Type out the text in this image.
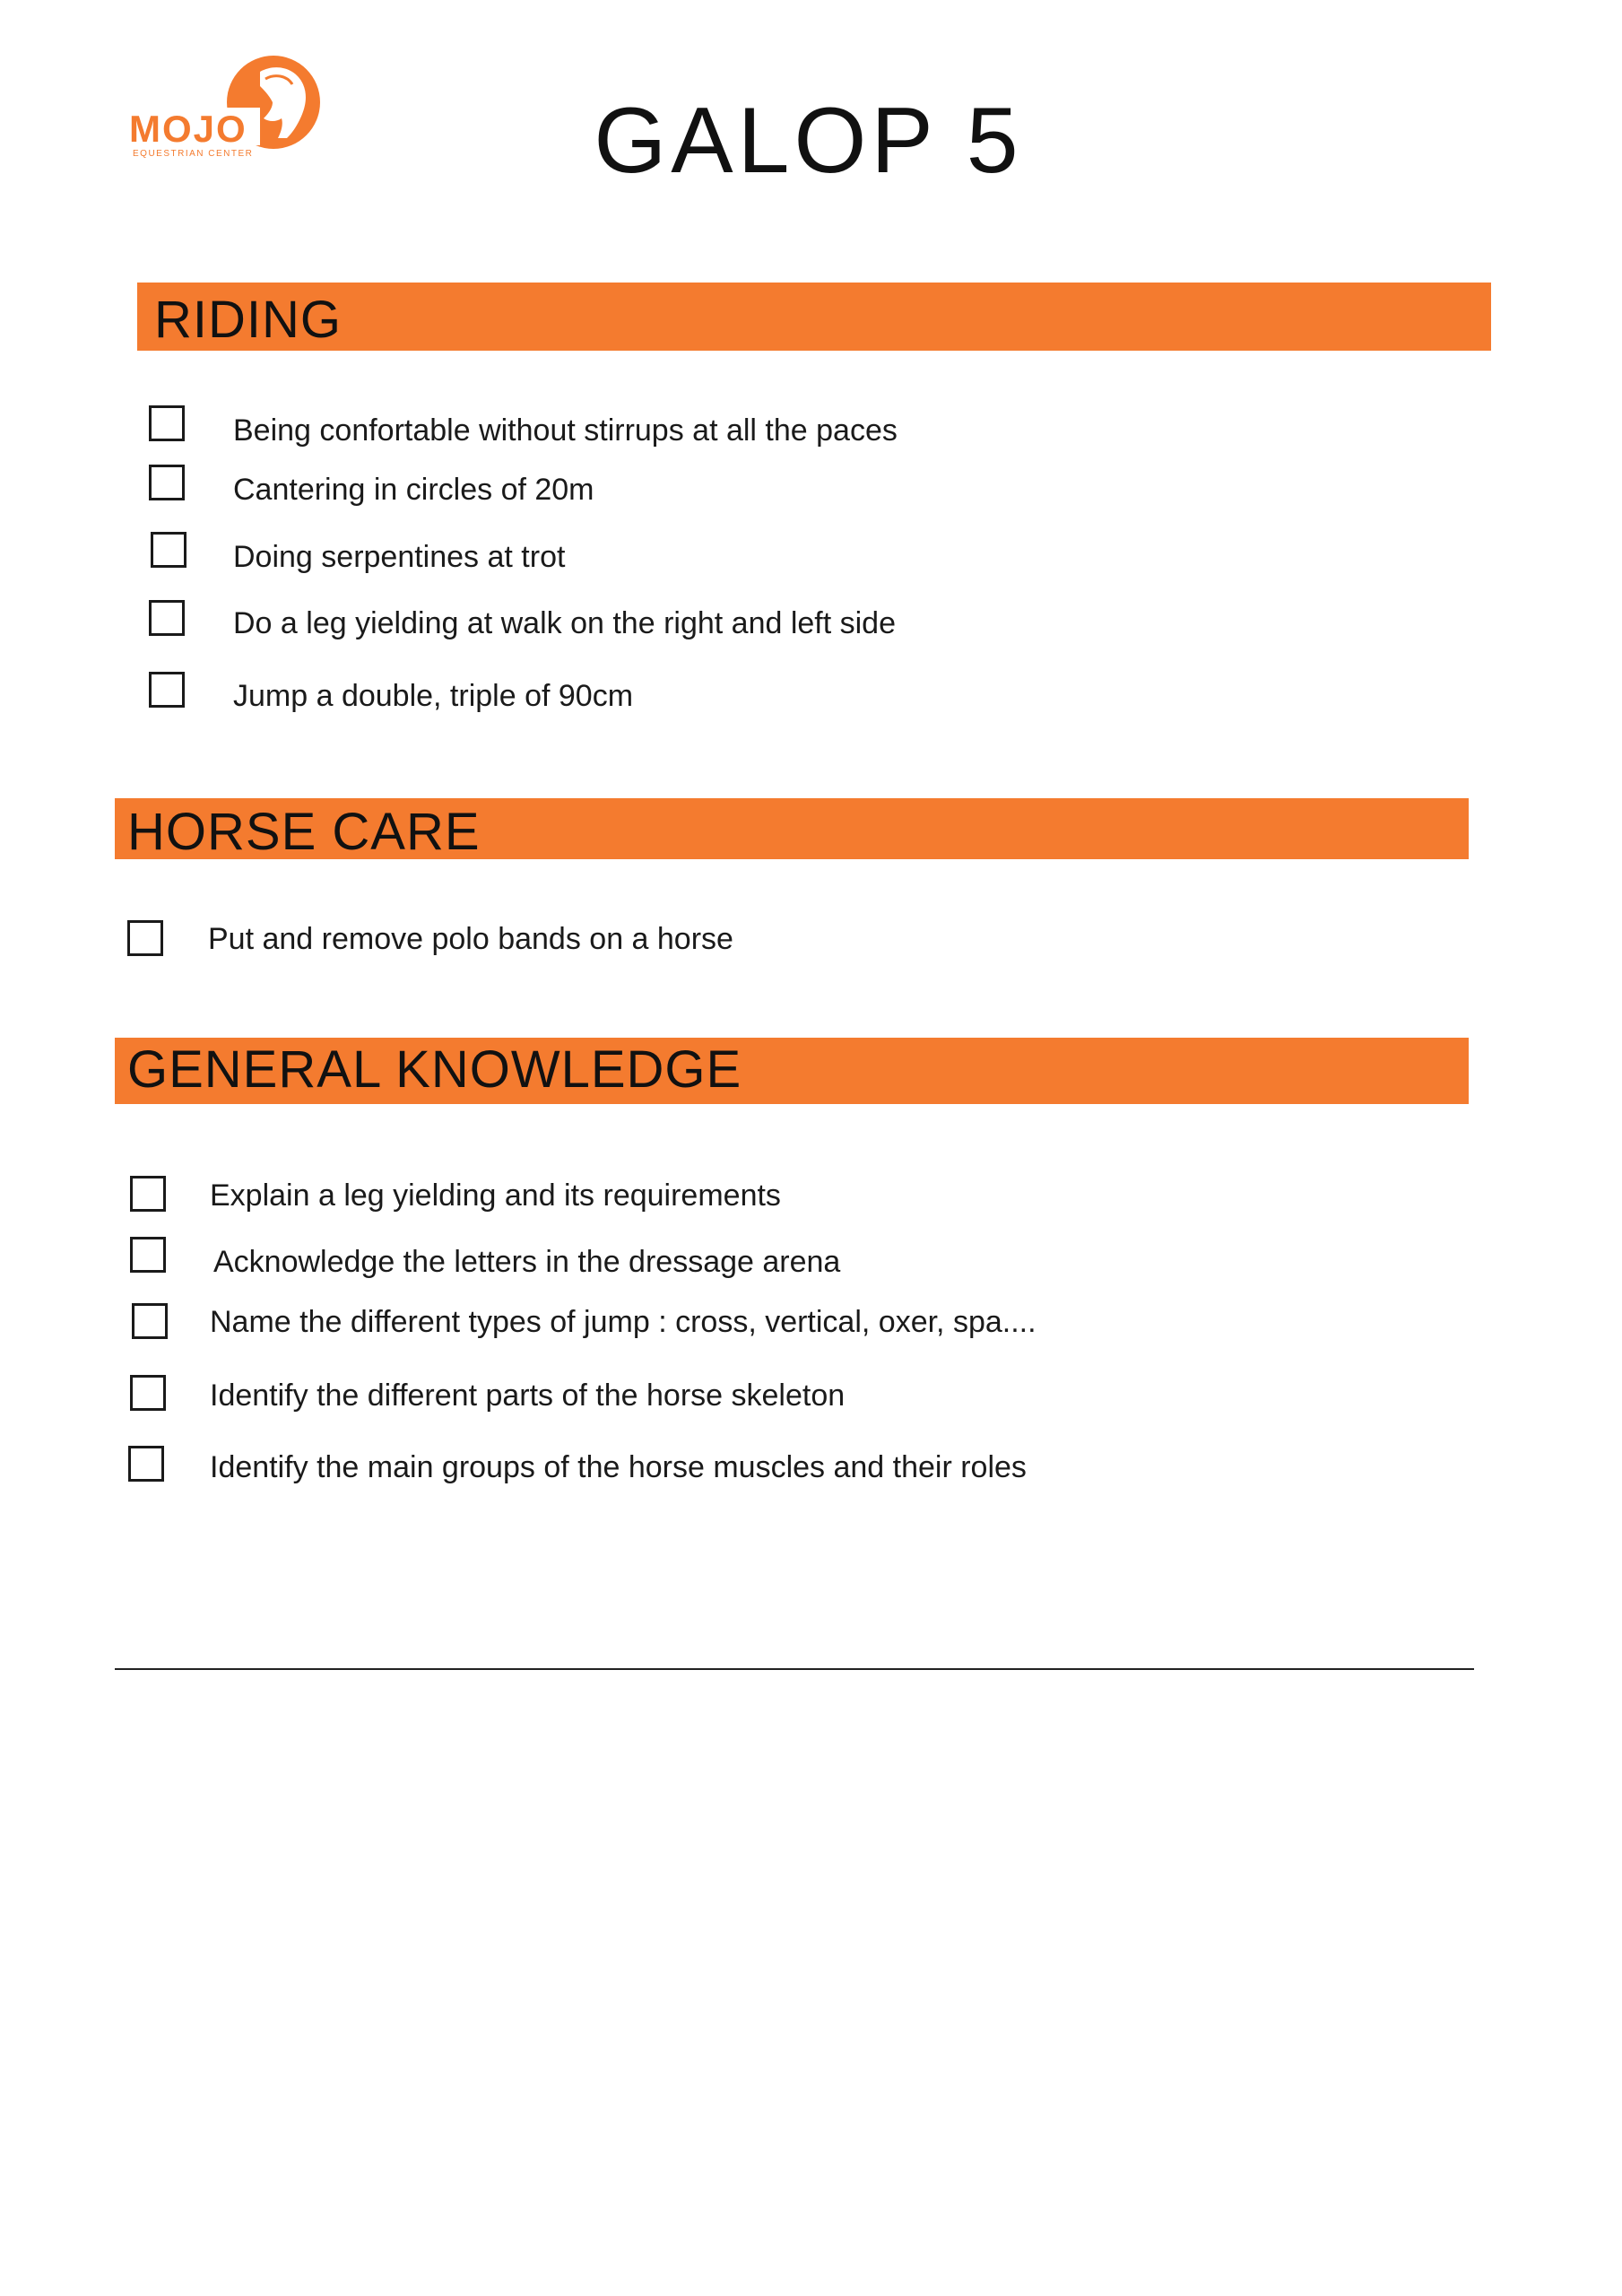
MOJO
EQUESTRIAN CENTER	GALOP 5
RIDING
Being confortable without stirrups at all the paces
Cantering in circles of 20m
Doing serpentines at trot
Do a leg yielding at walk on the right and left side
Jump a double, triple of 90cm
HORSE CARE
Put and remove polo bands on a horse
GENERAL KNOWLEDGE
Explain a leg yielding and its requirements
Acknowledge the letters in the dressage arena
Name the different types of jump : cross, vertical, oxer, spa....
Identify the different parts of the horse skeleton
Identify the main groups of the horse muscles and their roles
